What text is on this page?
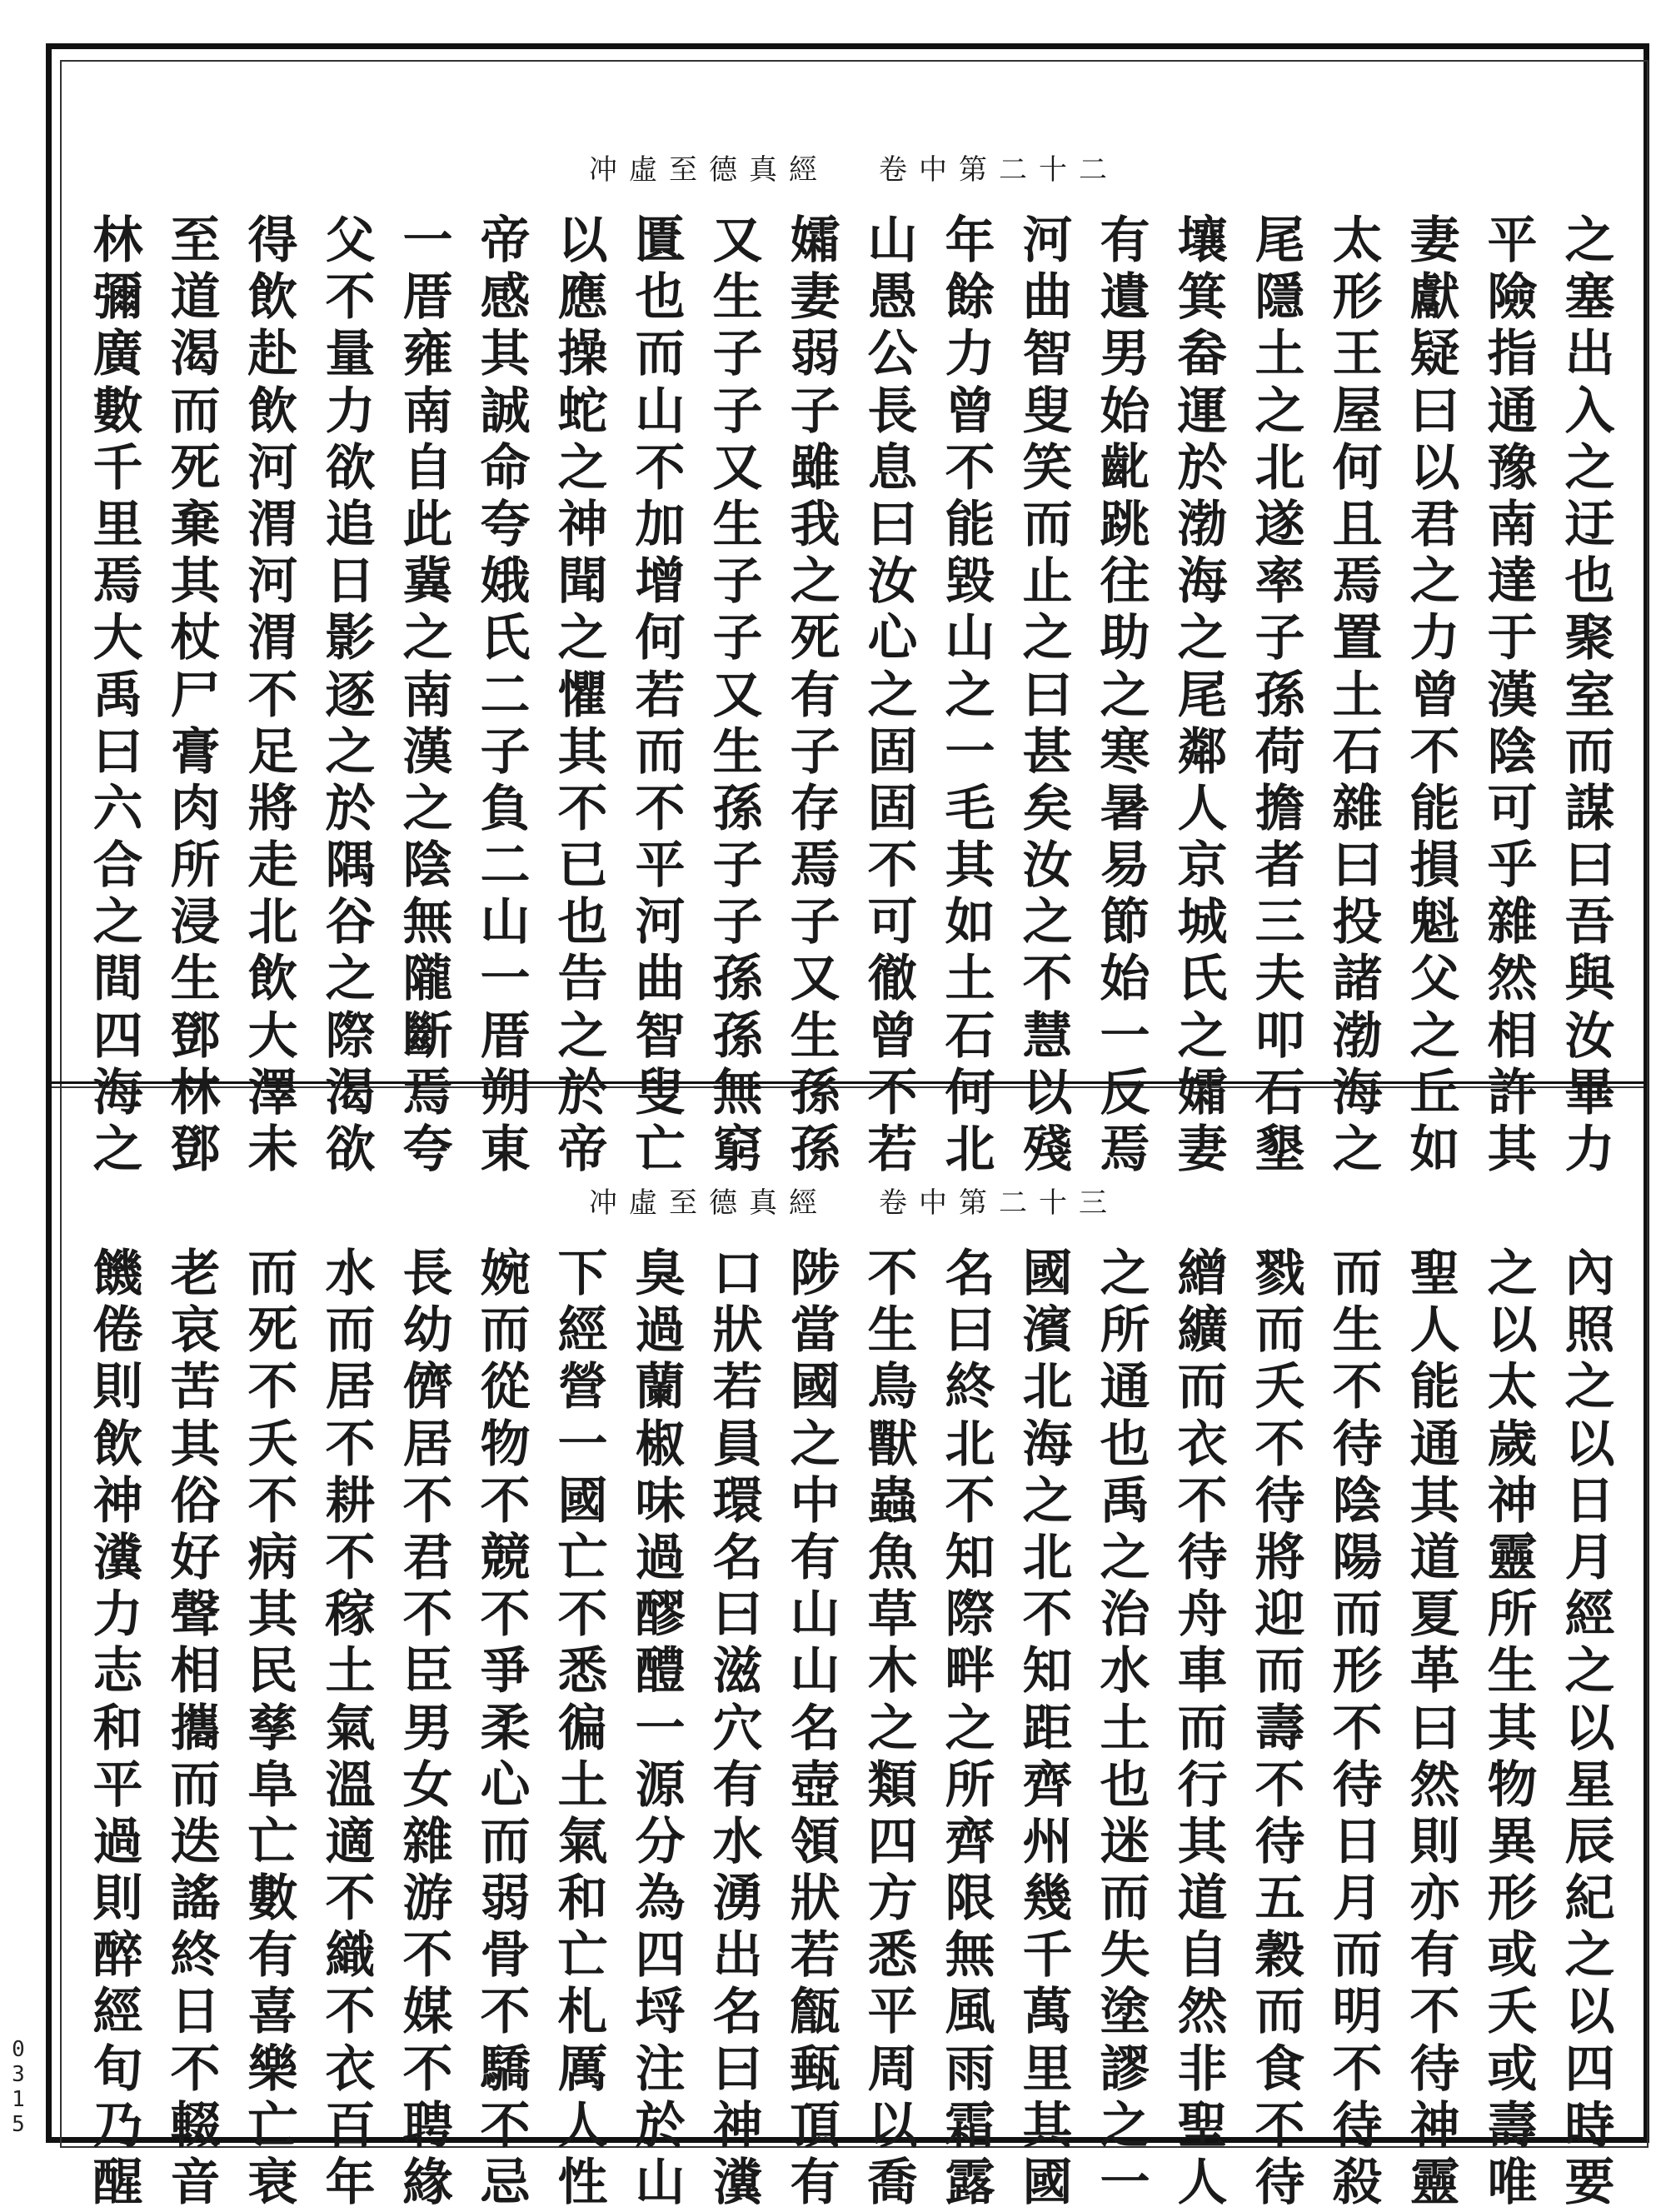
冲虛至德真經 卷中第二十二
之
塞
出
入
之
迂
也
聚
室
而
謀
曰
吾
與
汝
畢
力
平
險
指
通
豫
南
達
于
漢
陰
可
乎
雜
然
相
許
其
妻
獻
疑
曰
以
君
之
力
曾
不
能
損
魁
父
之
丘
如
太
形
王
屋
何
且
焉
置
土
石
雜
曰
投
諸
渤
海
之
尾
隱
土
之
北
遂
率
子
孫
荷
擔
者
三
夫
叩
石
墾
壤
箕
畚
運
於
渤
海
之
尾
鄰
人
京
城
氏
之
孀
妻
有
遺
男
始
齔
跳
往
助
之
寒
暑
易
節
始
一
反
焉
河
曲
智
叟
笑
而
止
之
曰
甚
矣
汝
之
不
慧
以
殘
年
餘
力
曾
不
能
毀
山
之
一
毛
其
如
土
石
何
北
山
愚
公
長
息
曰
汝
心
之
固
固
不
可
徹
曾
不
若
孀
妻
弱
子
雖
我
之
死
有
子
存
焉
子
又
生
孫
孫
又
生
子
子
又
生
子
子
又
生
孫
子
子
孫
孫
無
窮
匱
也
而
山
不
加
增
何
若
而
不
平
河
曲
智
叟
亡
以
應
操
蛇
之
神
聞
之
懼
其
不
已
也
告
之
於
帝
帝
感
其
誠
命
夸
娥
氏
二
子
負
二
山
一
厝
朔
東
一
厝
雍
南
自
此
冀
之
南
漢
之
陰
無
隴
斷
焉
夸
父
不
量
力
欲
追
日
影
逐
之
於
隅
谷
之
際
渴
欲
得
飲
赴
飲
河
渭
河
渭
不
足
將
走
北
飲
大
澤
未
至
道
渴
而
死
棄
其
杖
尸
膏
肉
所
浸
生
鄧
林
鄧
林
彌
廣
數
千
里
焉
大
禹
曰
六
合
之
間
四
海
之
冲虛至德真經 卷中第二十三
內
照
之
以
日
月
經
之
以
星
辰
紀
之
以
四
時
要
之
以
太
歲
神
靈
所
生
其
物
異
形
或
夭
或
壽
唯
聖
人
能
通
其
道
夏
革
曰
然
則
亦
有
不
待
神
靈
而
生
不
待
陰
陽
而
形
不
待
日
月
而
明
不
待
殺
戮
而
夭
不
待
將
迎
而
壽
不
待
五
穀
而
食
不
待
繒
纊
而
衣
不
待
舟
車
而
行
其
道
自
然
非
聖
人
之
所
通
也
禹
之
治
水
土
也
迷
而
失
塗
謬
之
一
國
濱
北
海
之
北
不
知
距
齊
州
幾
千
萬
里
其
國
名
曰
終
北
不
知
際
畔
之
所
齊
限
無
風
雨
霜
露
不
生
鳥
獸
蟲
魚
草
木
之
類
四
方
悉
平
周
以
喬
陟
當
國
之
中
有
山
山
名
壺
領
狀
若
甔
甀
頂
有
口
狀
若
員
環
名
曰
滋
穴
有
水
湧
出
名
曰
神
瀵
臭
過
蘭
椒
味
過
醪
醴
一
源
分
為
四
埒
注
於
山
下
經
營
一
國
亡
不
悉
徧
土
氣
和
亡
札
厲
人
性
婉
而
從
物
不
競
不
爭
柔
心
而
弱
骨
不
驕
不
忌
長
幼
儕
居
不
君
不
臣
男
女
雜
游
不
媒
不
聘
緣
水
而
居
不
耕
不
稼
土
氣
溫
適
不
織
不
衣
百
年
而
死
不
夭
不
病
其
民
孳
阜
亡
數
有
喜
樂
亡
衰
老
哀
苦
其
俗
好
聲
相
攜
而
迭
謠
終
日
不
輟
音
饑
倦
則
飲
神
瀵
力
志
和
平
過
則
醉
經
旬
乃
醒
0315
